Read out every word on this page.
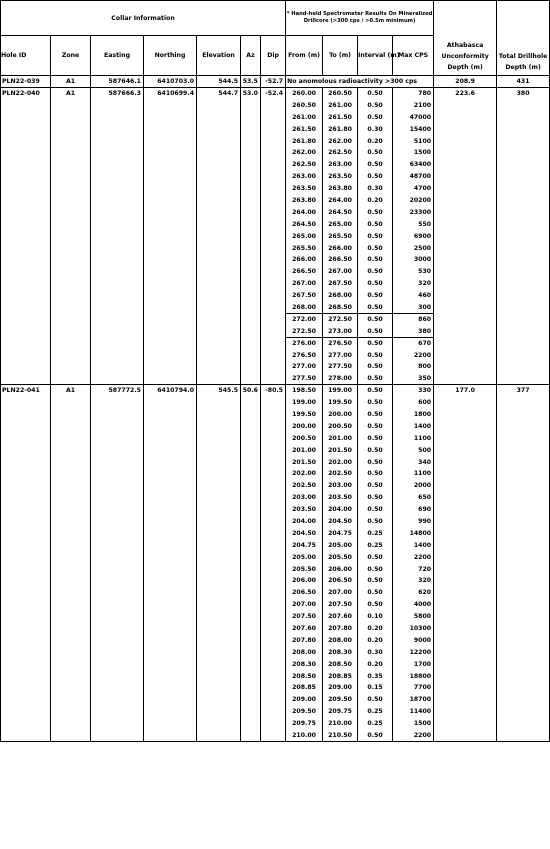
Collar Information							* Hand-held Spectrometer Results On Mineralized Drillcore (>300 cps / >0.5m minimum)				Athabasca Unconformity Depth (m)	Total Drillhole Depth (m)
Hole ID	Zone	Easting	Northing	Elevation	Az	Dip	From (m)	To (m)	Interval (m)	Max CPS		
PLN22-039	A1	587646.1	6410703.0	544.5	53.5	-52.7	No anomolous radioactivity >300 cps				208.9	431
PLN22-040	A1	587666.3	6410699.4	544.7	53.0	-52.4	260.00	260.50	0.50	780	223.6	380
							260.50	261.00	0.50	2100		
							261.00	261.50	0.50	47000		
							261.50	261.80	0.30	15400		
							261.80	262.00	0.20	5100		
							262.00	262.50	0.50	1500		
							262.50	263.00	0.50	63400		
							263.00	263.50	0.50	48700		
							263.50	263.80	0.30	4700		
							263.80	264.00	0.20	20200		
							264.00	264.50	0.50	23300		
							264.50	265.00	0.50	550		
							265.00	265.50	0.50	6900		
							265.50	266.00	0.50	2500		
							266.00	266.50	0.50	3000		
							266.50	267.00	0.50	530		
							267.00	267.50	0.50	320		
							267.50	268.00	0.50	460		
							268.00	268.50	0.50	300		
							272.00	272.50	0.50	860		
							272.50	273.00	0.50	380		
							276.00	276.50	0.50	670		
							276.50	277.00	0.50	2200		
							277.00	277.50	0.50	800		
							277.50	278.00	0.50	350		
PLN22-041	A1	587772.5	6410794.0	545.5	50.6	-80.5	198.50	199.00	0.50	330	177.0	377
							199.00	199.50	0.50	600		
							199.50	200.00	0.50	1800		
							200.00	200.50	0.50	1400		
							200.50	201.00	0.50	1100		
							201.00	201.50	0.50	500		
							201.50	202.00	0.50	340		
							202.00	202.50	0.50	1100		
							202.50	203.00	0.50	2000		
							203.00	203.50	0.50	650		
							203.50	204.00	0.50	690		
							204.00	204.50	0.50	990		
							204.50	204.75	0.25	14800		
							204.75	205.00	0.25	1400		
							205.00	205.50	0.50	2200		
							205.50	206.00	0.50	720		
							206.00	206.50	0.50	320		
							206.50	207.00	0.50	620		
							207.00	207.50	0.50	4000		
							207.50	207.60	0.10	5800		
							207.60	207.80	0.20	10300		
							207.80	208.00	0.20	9000		
							208.00	208.30	0.30	12200		
							208.30	208.50	0.20	1700		
							208.50	208.85	0.35	18800		
							208.85	209.00	0.15	7700		
							209.00	209.50	0.50	18700		
							209.50	209.75	0.25	11400		
							209.75	210.00	0.25	1500		
							210.00	210.50	0.50	2200		
